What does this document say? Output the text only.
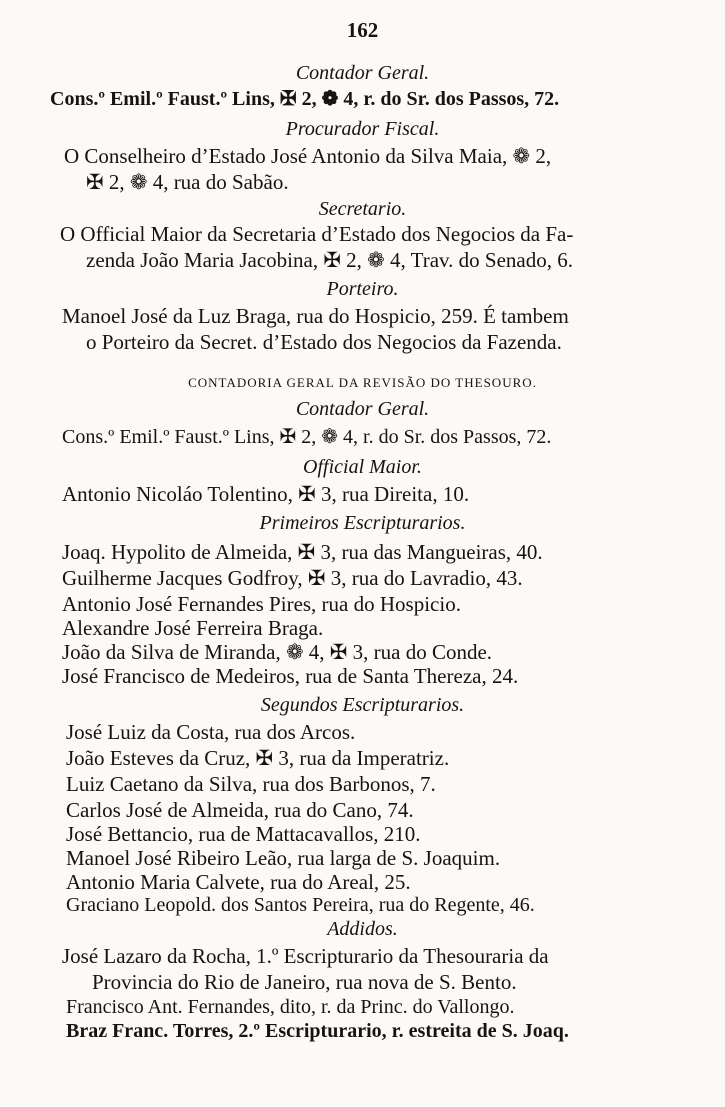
162
Contador Geral.
Cons.º Emil.º Faust.º Lins, ✠ 2, ❁ 4, r. do Sr. dos Passos, 72.
Procurador Fiscal.
O Conselheiro d’Estado José Antonio da Silva Maia, ❁ 2,
✠ 2, ❁ 4, rua do Sabão.
Secretario.
O Official Maior da Secretaria d’Estado dos Negocios da Fa-
zenda João Maria Jacobina, ✠ 2, ❁ 4, Trav. do Senado, 6.
Porteiro.
Manoel José da Luz Braga, rua do Hospicio, 259. É tambem
o Porteiro da Secret. d’Estado dos Negocios da Fazenda.
CONTADORIA GERAL DA REVISÃO DO THESOURO.
Contador Geral.
Cons.º Emil.º Faust.º Lins, ✠ 2, ❁ 4, r. do Sr. dos Passos, 72.
Official Maior.
Antonio Nicoláo Tolentino, ✠ 3, rua Direita, 10.
Primeiros Escripturarios.
Joaq. Hypolito de Almeida, ✠ 3, rua das Mangueiras, 40.
Guilherme Jacques Godfroy, ✠ 3, rua do Lavradio, 43.
Antonio José Fernandes Pires, rua do Hospicio.
Alexandre José Ferreira Braga.
João da Silva de Miranda, ❁ 4, ✠ 3, rua do Conde.
José Francisco de Medeiros, rua de Santa Thereza, 24.
Segundos Escripturarios.
José Luiz da Costa, rua dos Arcos.
João Esteves da Cruz, ✠ 3, rua da Imperatriz.
Luiz Caetano da Silva, rua dos Barbonos, 7.
Carlos José de Almeida, rua do Cano, 74.
José Bettancio, rua de Mattacavallos, 210.
Manoel José Ribeiro Leão, rua larga de S. Joaquim.
Antonio Maria Calvete, rua do Areal, 25.
Graciano Leopold. dos Santos Pereira, rua do Regente, 46.
Addidos.
José Lazaro da Rocha, 1.º Escripturario da Thesouraria da
Provincia do Rio de Janeiro, rua nova de S. Bento.
Francisco Ant. Fernandes, dito, r. da Princ. do Vallongo.
Braz Franc. Torres, 2.º Escripturario, r. estreita de S. Joaq.
